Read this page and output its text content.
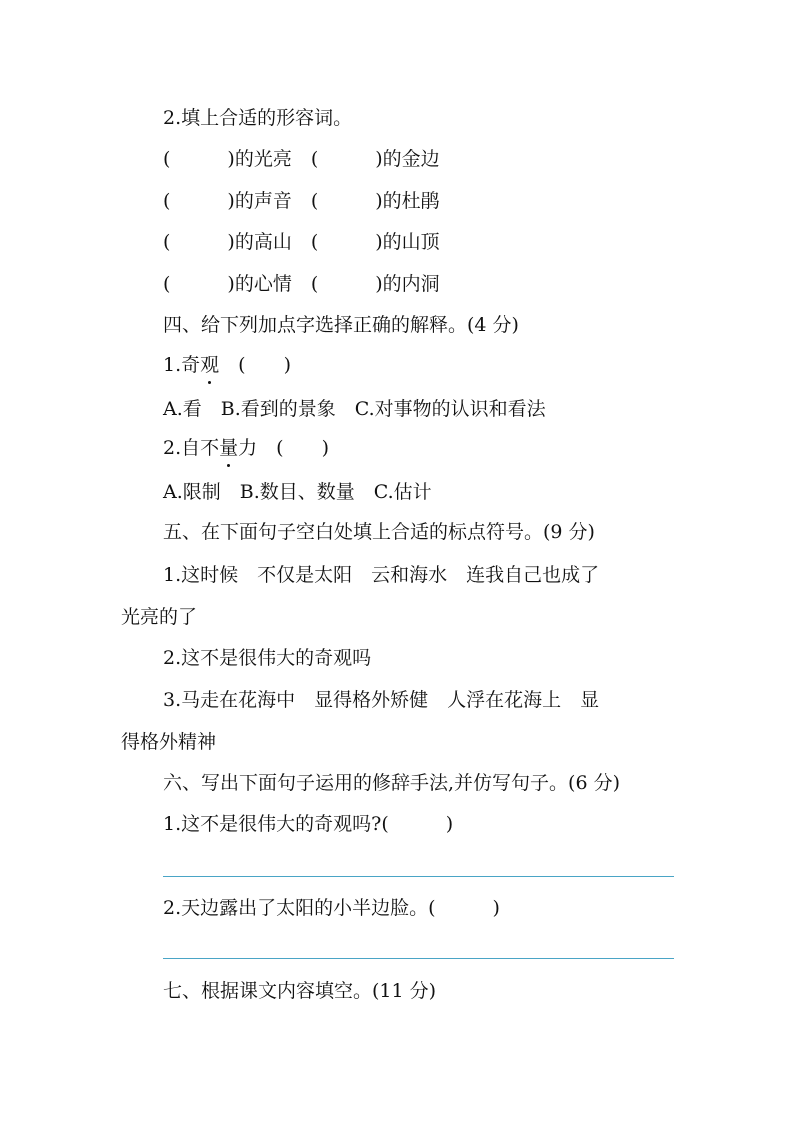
2.填上合适的形容词。
(　　　)的光亮　(　　　)的金边
(　　　)的声音　(　　　)的杜鹃
(　　　)的高山　(　　　)的山顶
(　　　)的心情　(　　　)的内洞
四、给下列加点字选择正确的解释。(4 分)
1.奇观　(　　)
A.看　B.看到的景象　C.对事物的认识和看法
2.自不量力　(　　)
A.限制　B.数目、数量　C.估计
五、在下面句子空白处填上合适的标点符号。(9 分)
1.这时候　不仅是太阳　云和海水　连我自己也成了
光亮的了
2.这不是很伟大的奇观吗
3.马走在花海中　显得格外矫健　人浮在花海上　显
得格外精神
六、写出下面句子运用的修辞手法,并仿写句子。(6 分)
1.这不是很伟大的奇观吗?(　　　)
2.天边露出了太阳的小半边脸。(　　　)
七、根据课文内容填空。(11 分)
